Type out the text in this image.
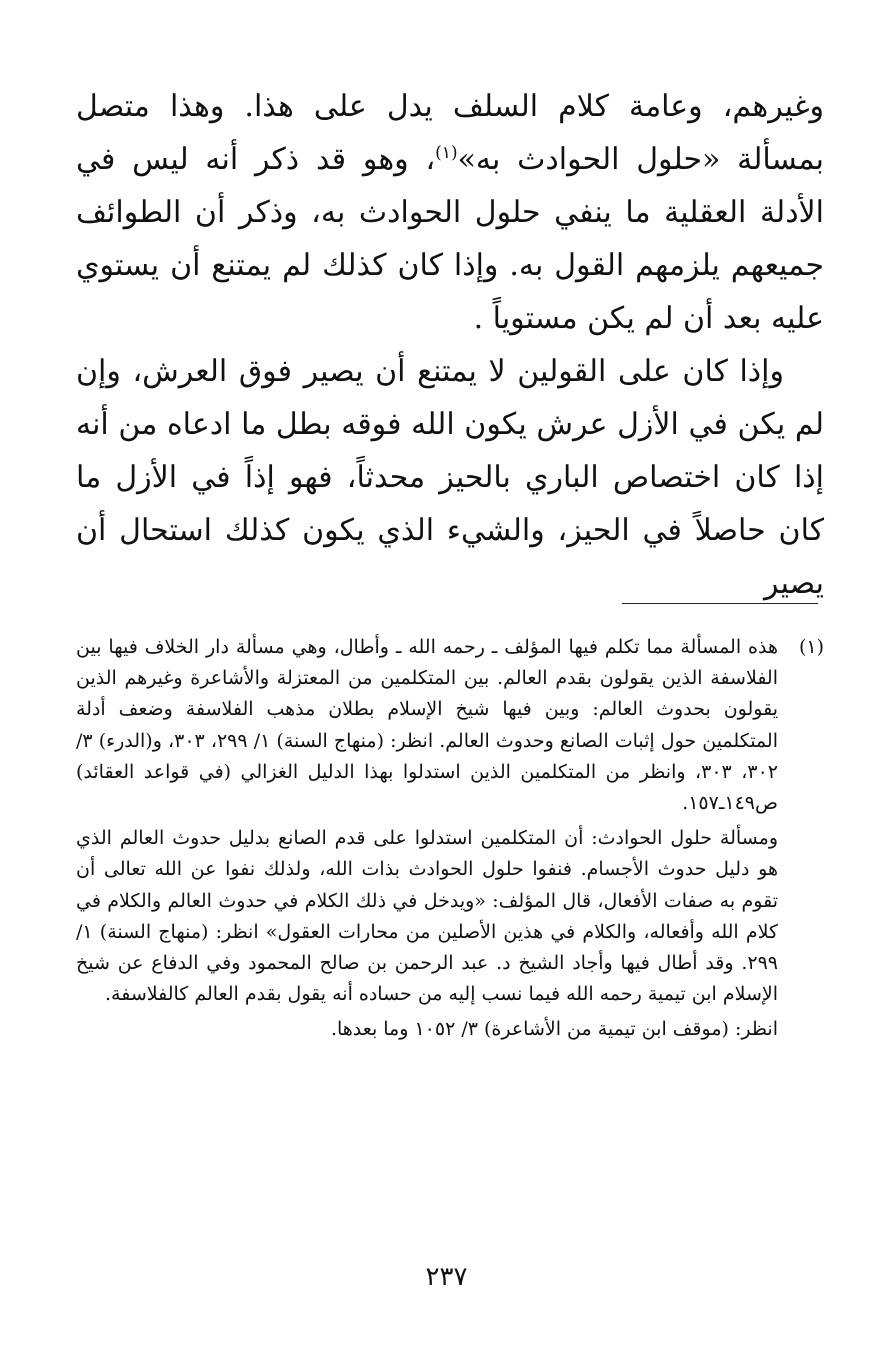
وغيرهم، وعامة كلام السلف يدل على هذا. وهذا متصل بمسألة «حلول الحوادث به»$^{(١)}$، وهو قد ذكر أنه ليس في الأدلة العقلية ما ينفي حلول الحوادث به، وذكر أن الطوائف جميعهم يلزمهم القول به. وإذا كان كذلك لم يمتنع أن يستوي عليه بعد أن لم يكن مستوياً .

وإذا كان على القولين لا يمتنع أن يصير فوق العرش، وإن لم يكن في الأزل عرش يكون الله فوقه بطل ما ادعاه من أنه إذا كان اختصاص الباري بالحيز محدثاً، فهو إذاً في الأزل ما كان حاصلاً في الحيز، والشيء الذي يكون كذلك استحال أن يصير

(١)

هذه المسألة مما تكلم فيها المؤلف ـ رحمه الله ـ وأطال، وهي مسألة دار الخلاف فيها بين الفلاسفة الذين يقولون بقدم العالم. بين المتكلمين من المعتزلة والأشاعرة وغيرهم الذين يقولون بحدوث العالم: وبين فيها شيخ الإسلام بطلان مذهب الفلاسفة وضعف أدلة المتكلمين حول إثبات الصانع وحدوث العالم. انظر: (منهاج السنة) ١/ ٢٩٩، ٣٠٣، و(الدرء) ٣/ ٣٠٢، ٣٠٣، وانظر من المتكلمين الذين استدلوا بهذا الدليل الغزالي (في قواعد العقائد) ص١٤٩ـ١٥٧.

ومسألة حلول الحوادث: أن المتكلمين استدلوا على قدم الصانع بدليل حدوث العالم الذي هو دليل حدوث الأجسام. فنفوا حلول الحوادث بذات الله، ولذلك نفوا عن الله تعالى أن تقوم به صفات الأفعال، قال المؤلف: «ويدخل في ذلك الكلام في حدوث العالم والكلام في كلام الله وأفعاله، والكلام في هذين الأصلين من محارات العقول» انظر: (منهاج السنة) ١/ ٢٩٩. وقد أطال فيها وأجاد الشيخ د. عبد الرحمن بن صالح المحمود وفي الدفاع عن شيخ الإسلام ابن تيمية رحمه الله فيما نسب إليه من حساده أنه يقول بقدم العالم كالفلاسفة.

انظر: (موقف ابن تيمية من الأشاعرة) ٣/ ١٠٥٢ وما بعدها.

٢٣٧
